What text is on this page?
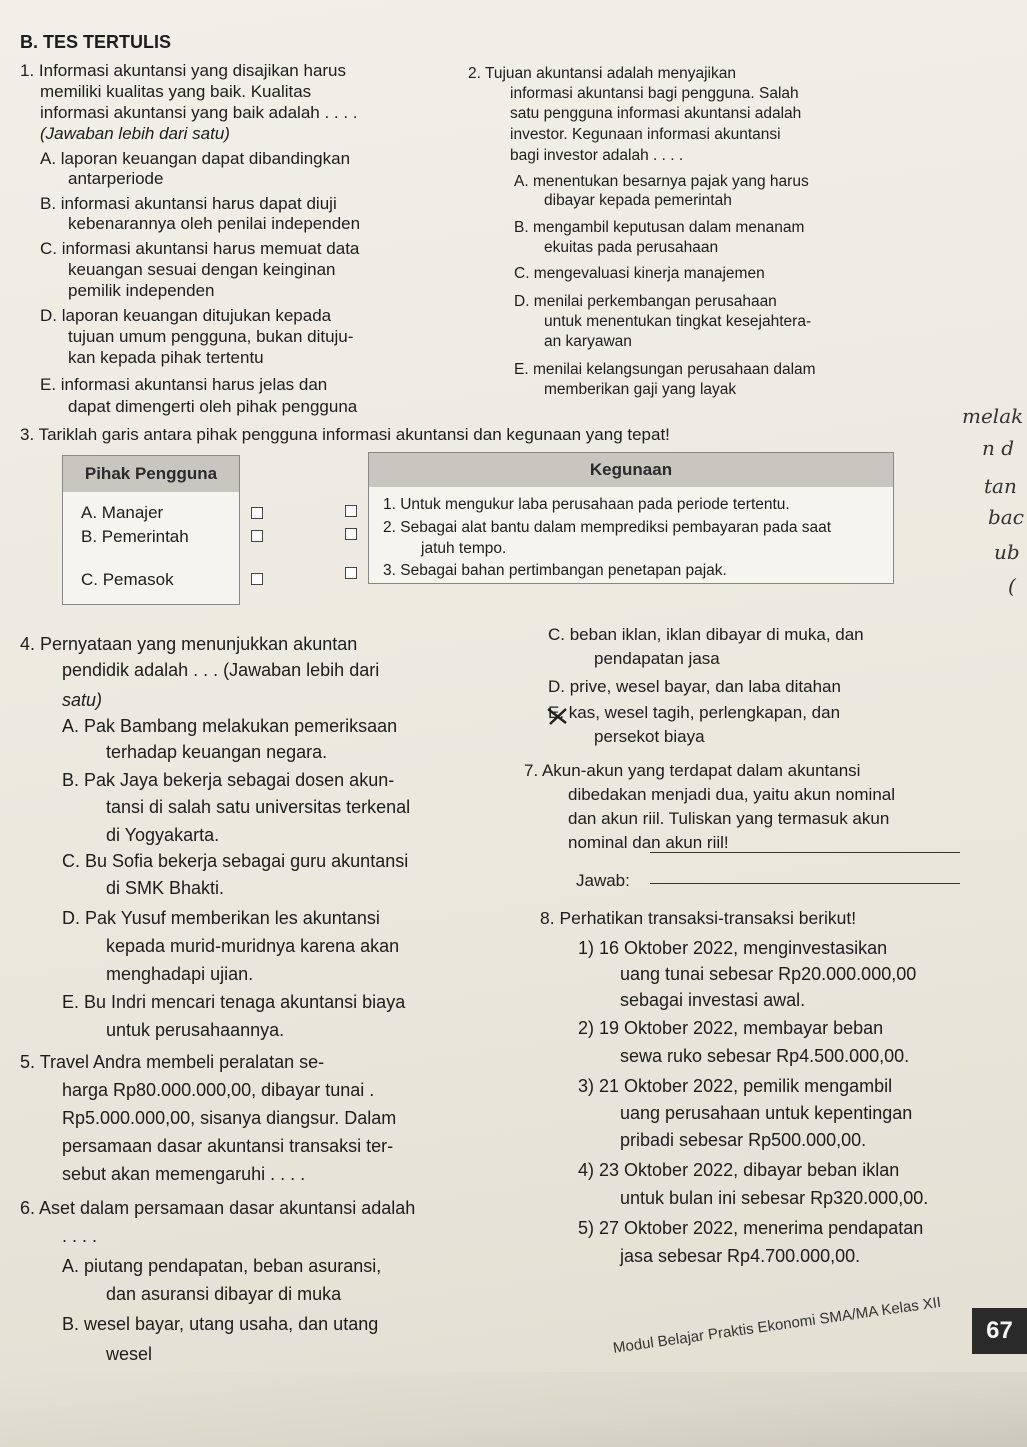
B. TES TERTULIS
1. Informasi akuntansi yang disajikan harus
memiliki kualitas yang baik. Kualitas
informasi akuntansi yang baik adalah . . . .
(Jawaban lebih dari satu)
A. laporan keuangan dapat dibandingkan
antarperiode
B. informasi akuntansi harus dapat diuji
kebenarannya oleh penilai independen
C. informasi akuntansi harus memuat data
keuangan sesuai dengan keinginan
pemilik independen
D. laporan keuangan ditujukan kepada
tujuan umum pengguna, bukan dituju-
kan kepada pihak tertentu
E. informasi akuntansi harus jelas dan
dapat dimengerti oleh pihak pengguna
2. Tujuan akuntansi adalah menyajikan
informasi akuntansi bagi pengguna. Salah
satu pengguna informasi akuntansi adalah
investor. Kegunaan informasi akuntansi
bagi investor adalah . . . .
A. menentukan besarnya pajak yang harus
dibayar kepada pemerintah
B. mengambil keputusan dalam menanam
ekuitas pada perusahaan
C. mengevaluasi kinerja manajemen
D. menilai perkembangan perusahaan
untuk menentukan tingkat kesejahtera-
an karyawan
E. menilai kelangsungan perusahaan dalam
memberikan gaji yang layak
3. Tariklah garis antara pihak pengguna informasi akuntansi dan kegunaan yang tepat!
Pihak Pengguna
A. Manajer
B. Pemerintah
C. Pemasok
Kegunaan
1. Untuk mengukur laba perusahaan pada periode tertentu.
2. Sebagai alat bantu dalam memprediksi pembayaran pada saat
jatuh tempo.
3. Sebagai bahan pertimbangan penetapan pajak.
4. Pernyataan yang menunjukkan akuntan
pendidik adalah . . . (Jawaban lebih dari
satu)
A. Pak Bambang melakukan pemeriksaan
terhadap keuangan negara.
B. Pak Jaya bekerja sebagai dosen akun-
tansi di salah satu universitas terkenal
di Yogyakarta.
C. Bu Sofia bekerja sebagai guru akuntansi
di SMK Bhakti.
D. Pak Yusuf memberikan les akuntansi
kepada murid-muridnya karena akan
menghadapi ujian.
E. Bu Indri mencari tenaga akuntansi biaya
untuk perusahaannya.
5. Travel Andra membeli peralatan se-
harga Rp80.000.000,00, dibayar tunai .
Rp5.000.000,00, sisanya diangsur. Dalam
persamaan dasar akuntansi transaksi ter-
sebut akan memengaruhi . . . .
6. Aset dalam persamaan dasar akuntansi adalah
. . . .
A. piutang pendapatan, beban asuransi,
dan asuransi dibayar di muka
B. wesel bayar, utang usaha, dan utang
wesel
C. beban iklan, iklan dibayar di muka, dan
pendapatan jasa
D. prive, wesel bayar, dan laba ditahan
E. kas, wesel tagih, perlengkapan, dan
persekot biaya
7. Akun-akun yang terdapat dalam akuntansi
dibedakan menjadi dua, yaitu akun nominal
dan akun riil. Tuliskan yang termasuk akun
nominal dan akun riil!
Jawab:
8. Perhatikan transaksi-transaksi berikut!
1) 16 Oktober 2022, menginvestasikan
uang tunai sebesar Rp20.000.000,00
sebagai investasi awal.
2) 19 Oktober 2022, membayar beban
sewa ruko sebesar Rp4.500.000,00.
3) 21 Oktober 2022, pemilik mengambil
uang perusahaan untuk kepentingan
pribadi sebesar Rp500.000,00.
4) 23 Oktober 2022, dibayar beban iklan
untuk bulan ini sebesar Rp320.000,00.
5) 27 Oktober 2022, menerima pendapatan
jasa sebesar Rp4.700.000,00.
melak
n d
tan
bac
ub
(
Modul Belajar Praktis Ekonomi SMA/MA Kelas XII	67
